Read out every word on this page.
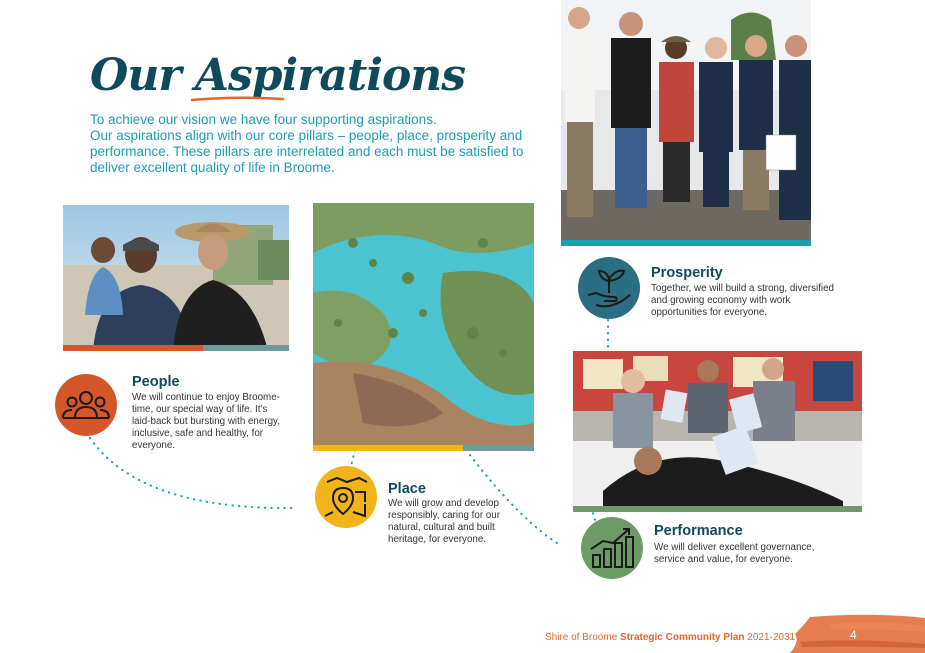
Our Aspirations

To achieve our vision we have four supporting aspirations.

Our aspirations align with our core pillars – people, place, prosperity and performance. These pillars are interrelated and each must be satisfied to deliver excellent quality of life in Broome.

People

We will continue to enjoy Broome-time, our special way of life. It’s laid-back but bursting with energy, inclusive, safe and healthy, for everyone.

Place

We will grow and develop responsibly, caring for our natural, cultural and built heritage, for everyone.

Prosperity

Together, we will build a strong, diversified and growing economy with work opportunities for everyone.

Performance

We will deliver excellent governance, service and value, for everyone.

Shire of Broome Strategic Community Plan 2021-2031	4
